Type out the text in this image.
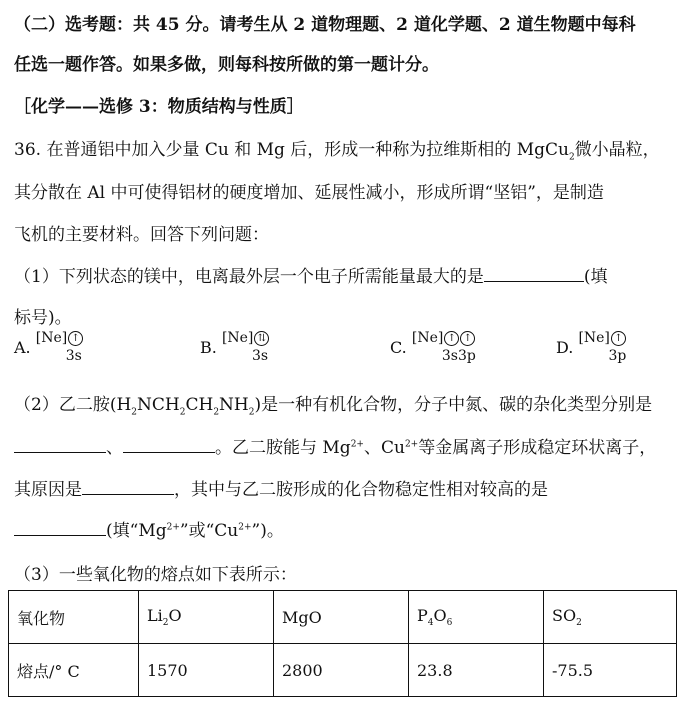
（二）选考题：共 45 分。请考生从 2 道物理题、2 道化学题、2 道生物题中每科
任选一题作答。如果多做，则每科按所做的第一题计分。
［化学——选修 3：物质结构与性质］
36. 在普通铝中加入少量 Cu 和 Mg 后，形成一种称为拉维斯相的 MgCu$_2$微小晶粒，
其分散在 Al 中可使得铝材的硬度增加、延展性减小，形成所谓“坚铝”，是制造
飞机的主要材料。回答下列问题：
（1）下列状态的镁中，电离最外层一个电子所需能量最大的是	(填
标号)。
A. [Ne] ↑
3s	B. [Ne] ⇅
3s	C. [Ne] ↑ ↑
3s3p	D. [Ne] ↑
3p
（2）乙二胺$(H_2NCH_2CH_2NH_2)$是一种有机化合物，分子中氮、碳的杂化类型分别是
、	。乙二胺能与 $Mg^{2+}$、$Cu^{2+}$等金属离子形成稳定环状离子，
其原因是	，其中与乙二胺形成的化合物稳定性相对较高的是
(填“$Mg^{2+}$”或“$Cu^{2+}$”)。
（3）一些氧化物的熔点如下表所示：
氧化物	$Li_2O$	MgO	$P_4O_6$	$SO_2$
熔点/° C	1570	2800	23.8	-75.5
